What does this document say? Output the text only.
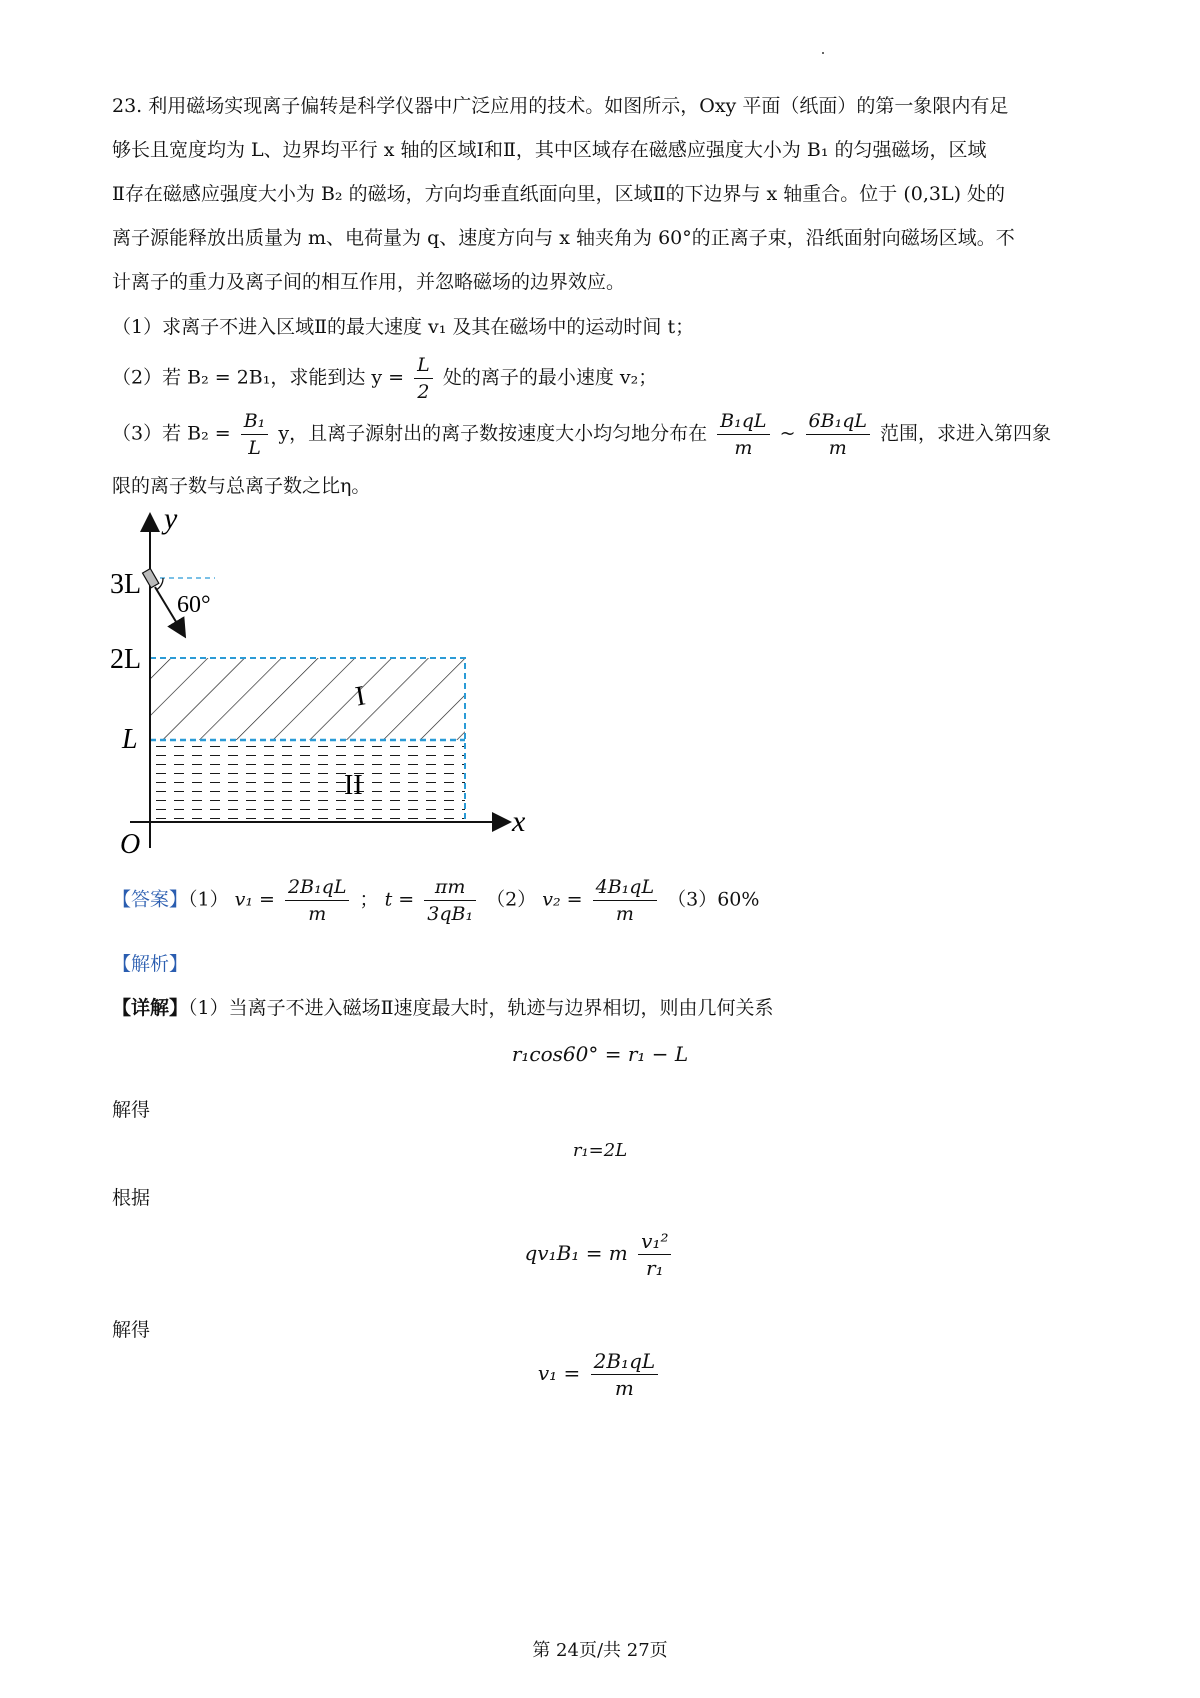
23. 利用磁场实现离子偏转是科学仪器中广泛应用的技术。如图所示，Oxy 平面（纸面）的第一象限内有足
够长且宽度均为 L、边界均平行 x 轴的区域Ⅰ和Ⅱ，其中区域存在磁感应强度大小为 B₁ 的匀强磁场，区域
Ⅱ存在磁感应强度大小为 B₂ 的磁场，方向均垂直纸面向里，区域Ⅱ的下边界与 x 轴重合。位于 (0,3L) 处的
离子源能释放出质量为 m、电荷量为 q、速度方向与 x 轴夹角为 60°的正离子束，沿纸面射向磁场区域。不
计离子的重力及离子间的相互作用，并忽略磁场的边界效应。
（1）求离子不进入区域Ⅱ的最大速度 v₁ 及其在磁场中的运动时间 t；
（2）若 B₂ = 2B₁，求能到达 $y = \frac{L}{2}$ 处的离子的最小速度 v₂；
（3）若 $B_2 = \frac{\text{B₁}}{L}$ y，且离子源射出的离子数按速度大小均匀地分布在 $\frac{\text{B₁qL}}{m}$ ~ $\frac{\text{6B₁qL}}{m}$ 范围，求进入第四象
限的离子数与总离子数之比η。
y
x
O
3L
2L
L
60°
I
II
【答案】（1） $v_1 = \frac{\text{2B₁qL}}{m}$ ； $t = \frac{\pi m}{\text{3qB₁}} (2) v_2 = \frac{\text{4B₁qL}}{m} (3)60\%$
【解析】
【详解】（1）当离子不进入磁场Ⅱ速度最大时，轨迹与边界相切，则由几何关系
r₁cos60° = r₁ − L
解得
r₁=2L
根据
qv₁B₁ = m $\frac{\text{v₁²}}{\text{r₁}}$
解得
$v_1 = \frac{\text{2B₁qL}}{m}$
第 24页/共 27页
